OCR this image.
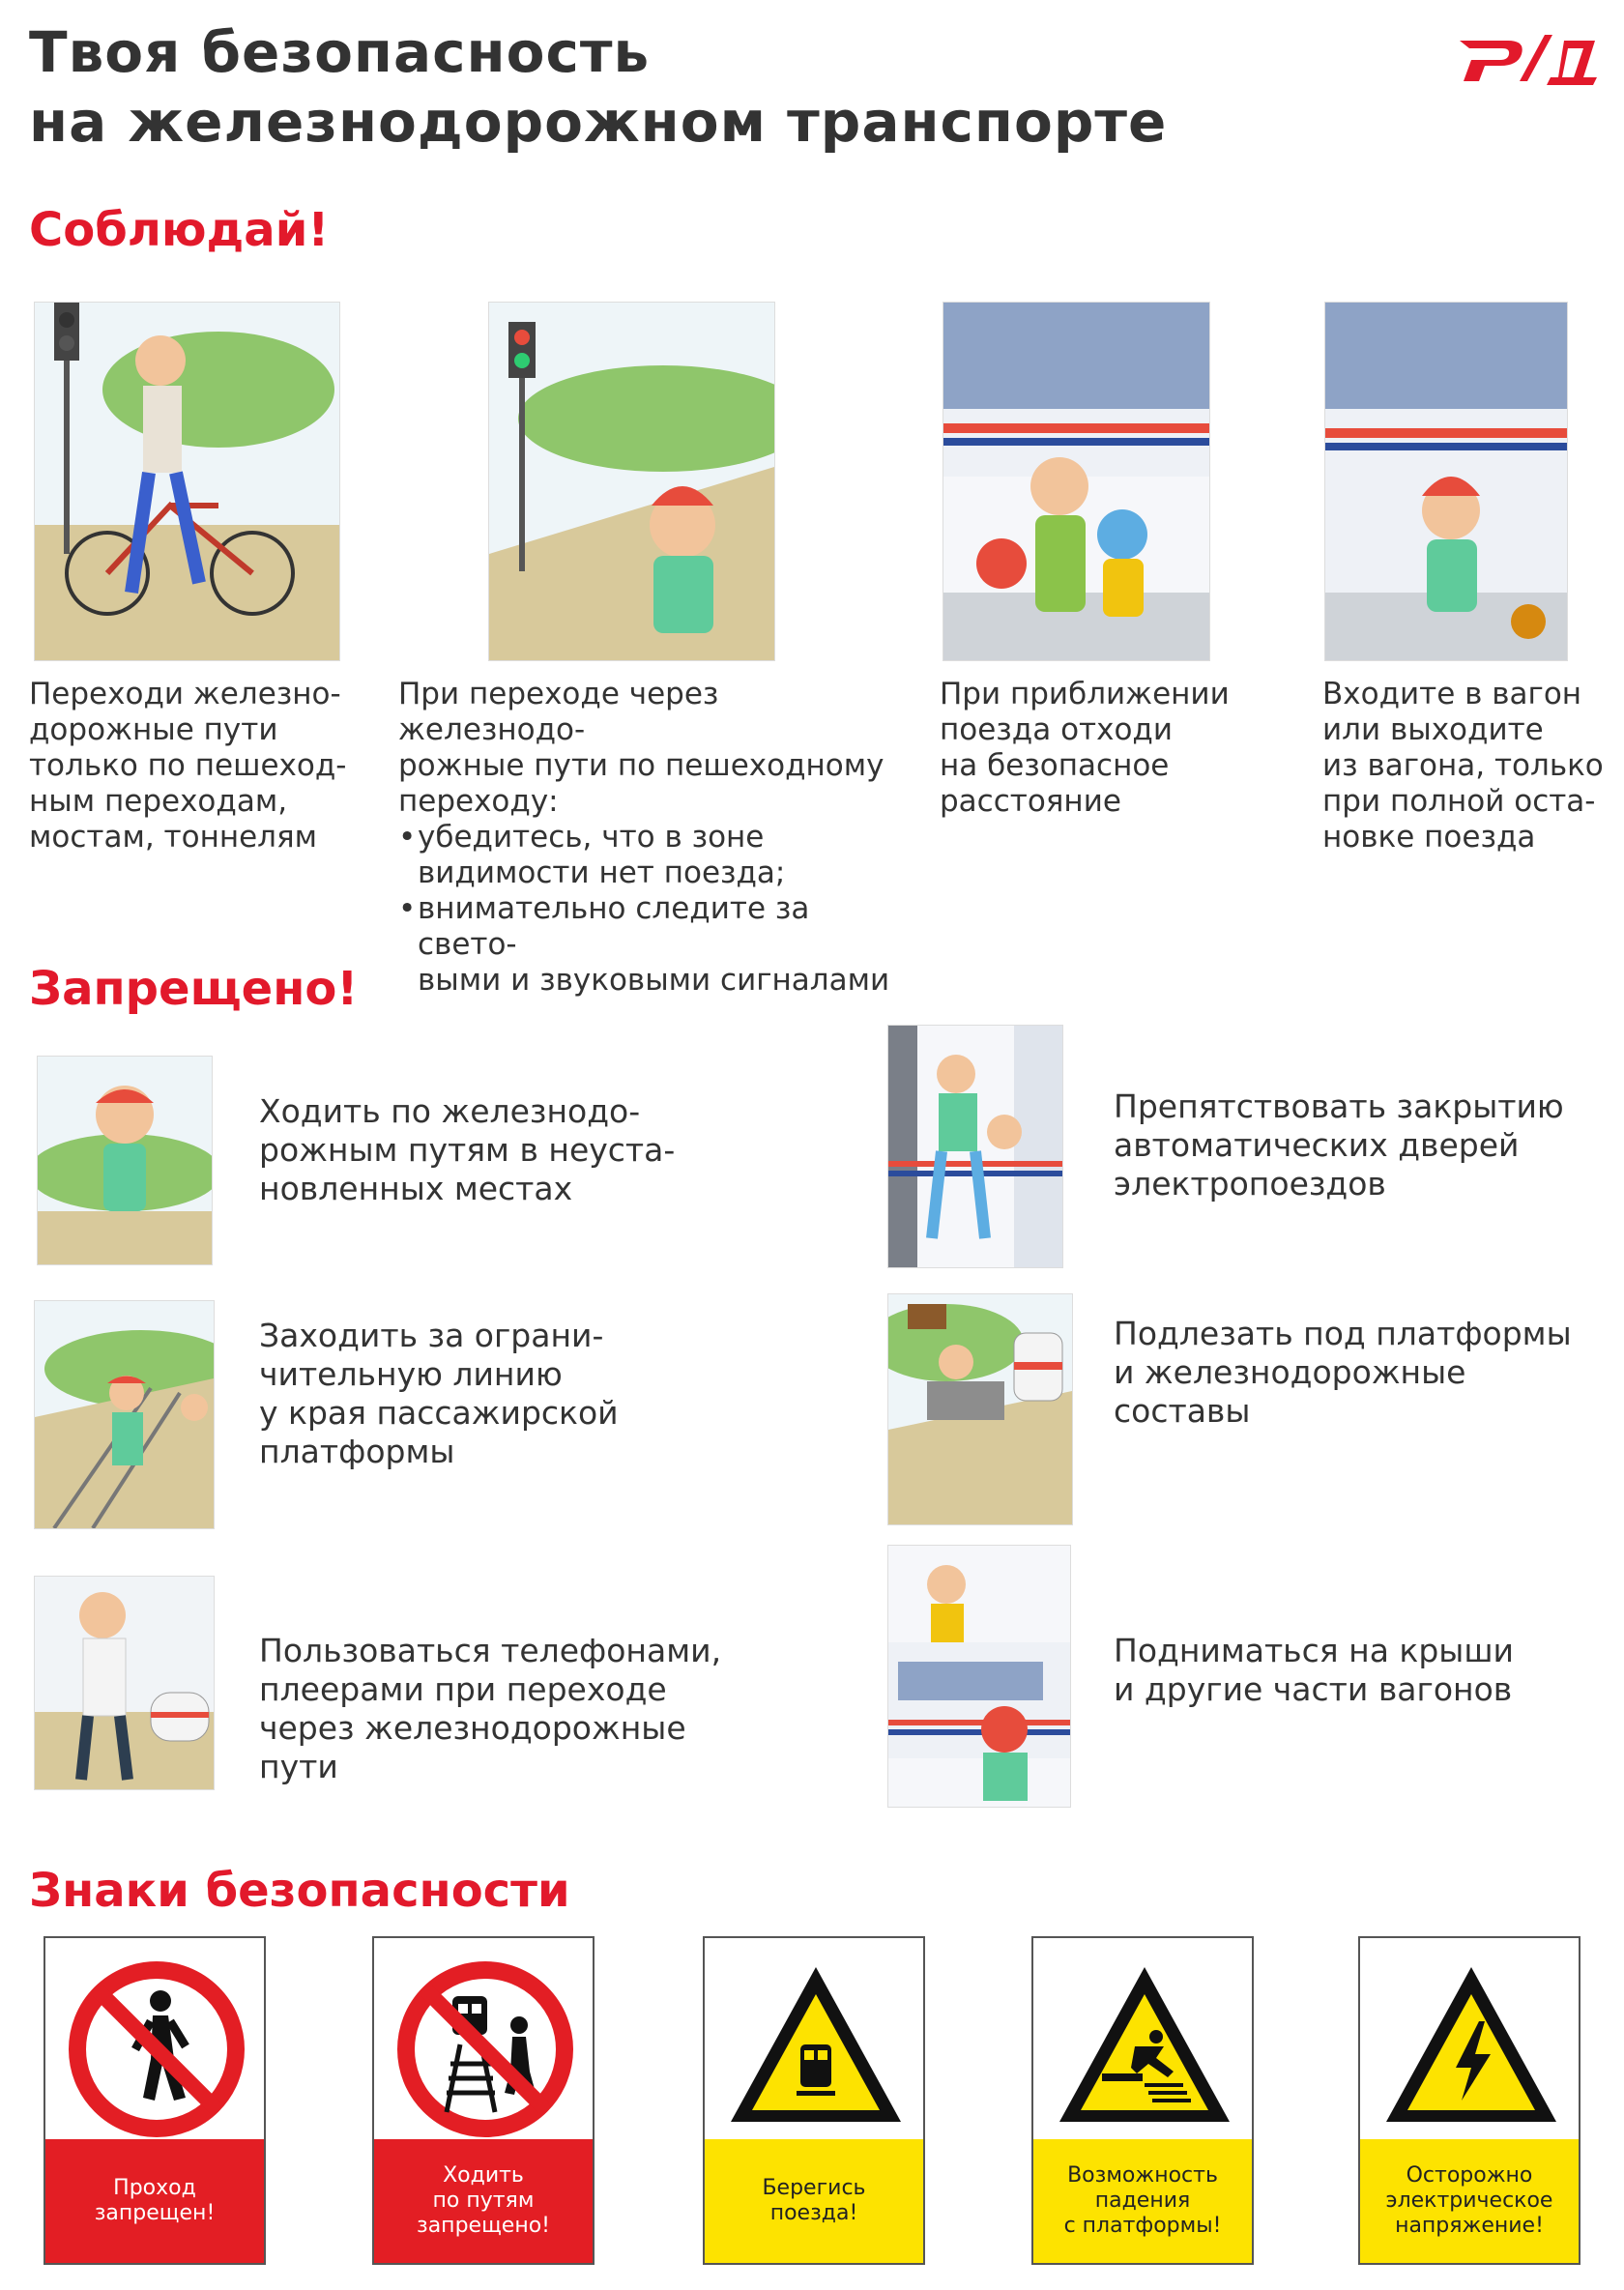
Твоя безопасность
на железнодорожном транспорте
Соблюдай!
Переходи железно-
дорожные пути
только по пешеход-
ным переходам,
мостам, тоннелям
При переходе через железнодо-
рожные пути по пешеходному
переходу:
• убедитесь, что в зоне
видимости нет поезда;
• внимательно следите за свето-
выми и звуковыми сигналами
При приближении
поезда отходи
на безопасное
расстояние
Входите в вагон
или выходите
из вагона, только
при полной оста-
новке поезда
Запрещено!
Ходить по железнодо-
рожным путям в неуста-
новленных местах
Препятствовать закрытию
автоматических дверей
электропоездов
Заходить за ограни-
чительную линию
у края пассажирской
платформы
Подлезать под платформы
и железнодорожные
составы
Пользоваться телефонами,
плеерами при переходе
через железнодорожные
пути
Подниматься на крыши
и другие части вагонов
Знаки безопасности
Проход
запрещен!
Ходить
по путям
запрещено!
Берегись
поезда!
Возможность
падения
с платформы!
Осторожно
электрическое
напряжение!
